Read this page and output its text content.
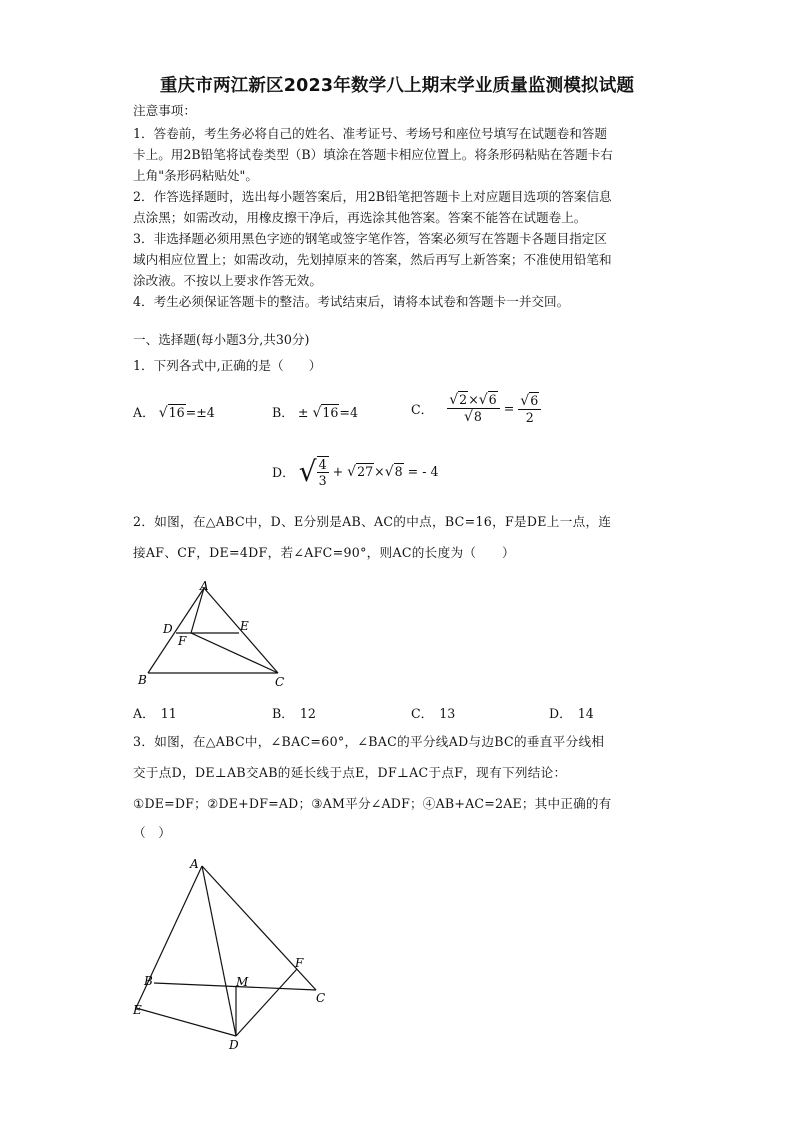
重庆市两江新区2023年数学八上期末学业质量监测模拟试题
注意事项：
1．答卷前，考生务必将自己的姓名、准考证号、考场号和座位号填写在试题卷和答题
卡上。用2B铅笔将试卷类型（B）填涂在答题卡相应位置上。将条形码粘贴在答题卡右
上角"条形码粘贴处"。
2．作答选择题时，选出每小题答案后，用2B铅笔把答题卡上对应题目选项的答案信息
点涂黑；如需改动，用橡皮擦干净后，再选涂其他答案。答案不能答在试题卷上。
3．非选择题必须用黑色字迹的钢笔或签字笔作答，答案必须写在答题卡各题目指定区
域内相应位置上；如需改动，先划掉原来的答案，然后再写上新答案；不准使用铅笔和
涂改液。不按以上要求作答无效。
4．考生必须保证答题卡的整洁。考试结束后，请将本试卷和答题卡一并交回。
一、选择题(每小题3分,共30分)
1．下列各式中,正确的是（　　）
A． √16=±4	B． ± √16=4	C． $\frac{√2\times√6}{√8} = \frac{√6}{2}$
D． √ $\frac{4}{3} + √27\times√8$ = - 4
2．如图，在△ABC中，D、E分别是AB、AC的中点，BC=16，F是DE上一点，连
接AF、CF，DE=4DF，若∠AFC=90°，则AC的长度为（　　）
A
B	C
D	E
F
A． 11	B． 12	C． 13	D． 14
3．如图，在△ABC中，∠BAC=60°，∠BAC的平分线AD与边BC的垂直平分线相
交于点D，DE⊥AB交AB的延长线于点E，DF⊥AC于点F，现有下列结论：
①DE=DF；②DE+DF=AD；③AM平分∠ADF；④AB+AC=2AE；其中正确的有
（　）
A
B
C
D
E
F
M
